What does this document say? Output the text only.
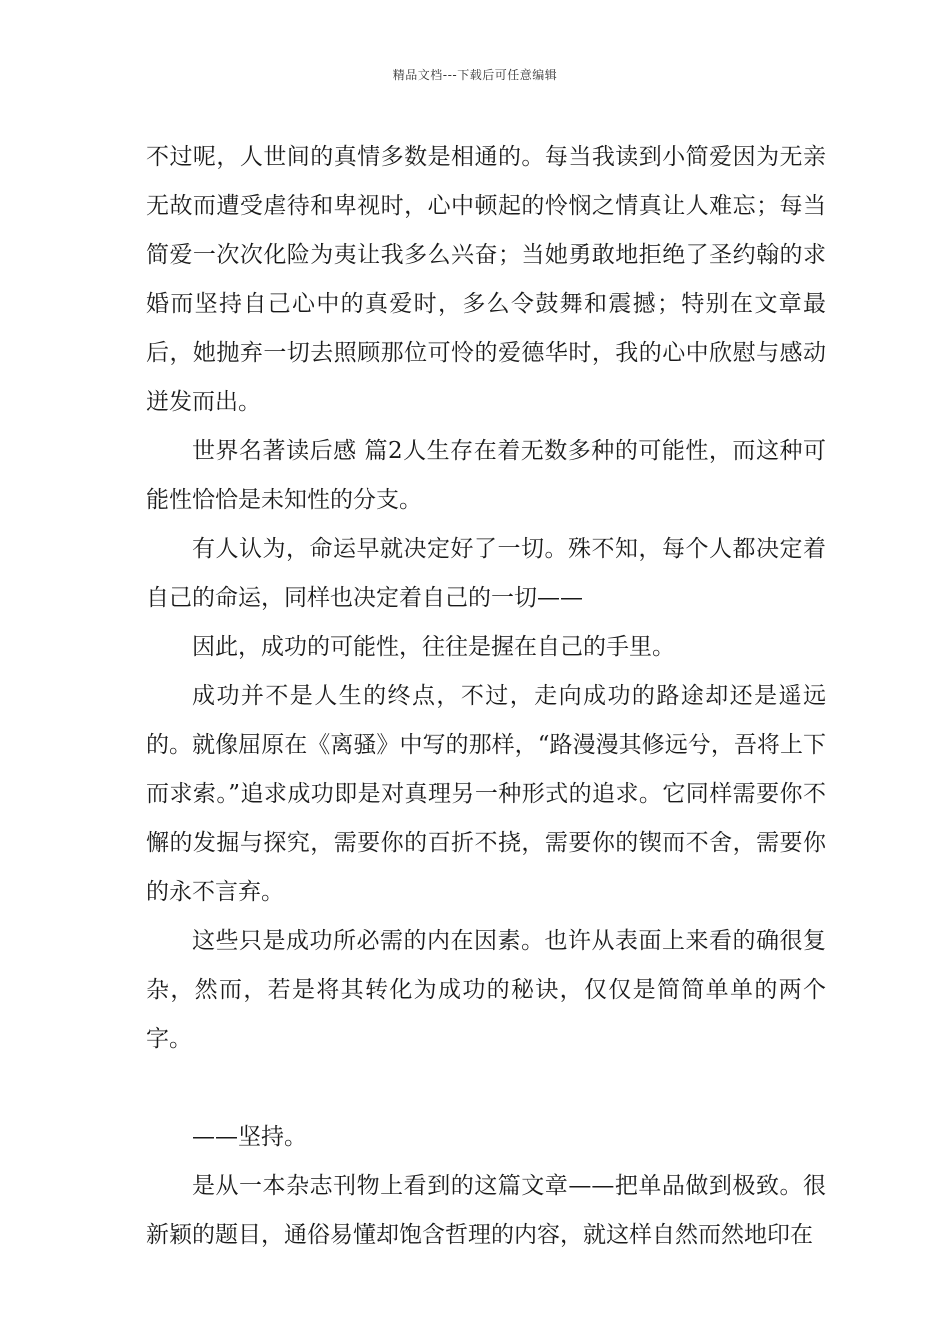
精品文档---下载后可任意编辑

不过呢，人世间的真情多数是相通的。每当我读到小简爱因为无亲无故而遭受虐待和卑视时，心中顿起的怜悯之情真让人难忘；每当简爱一次次化险为夷让我多么兴奋；当她勇敢地拒绝了圣约翰的求婚而坚持自己心中的真爱时，多么令鼓舞和震撼；特别在文章最后，她抛弃一切去照顾那位可怜的爱德华时，我的心中欣慰与感动迸发而出。

世界名著读后感 篇2人生存在着无数多种的可能性，而这种可能性恰恰是未知性的分支。

有人认为，命运早就决定好了一切。殊不知，每个人都决定着自己的命运，同样也决定着自己的一切——

因此，成功的可能性，往往是握在自己的手里。

成功并不是人生的终点，不过，走向成功的路途却还是遥远的。就像屈原在《离骚》中写的那样，“路漫漫其修远兮，吾将上下而求索。”追求成功即是对真理另一种形式的追求。它同样需要你不懈的发掘与探究，需要你的百折不挠，需要你的锲而不舍，需要你的永不言弃。

这些只是成功所必需的内在因素。也许从表面上来看的确很复杂，然而，若是将其转化为成功的秘诀，仅仅是简简单单的两个字。

——坚持。

是从一本杂志刊物上看到的这篇文章——把单品做到极致。很新颖的题目，通俗易懂却饱含哲理的内容，就这样自然而然地印在
